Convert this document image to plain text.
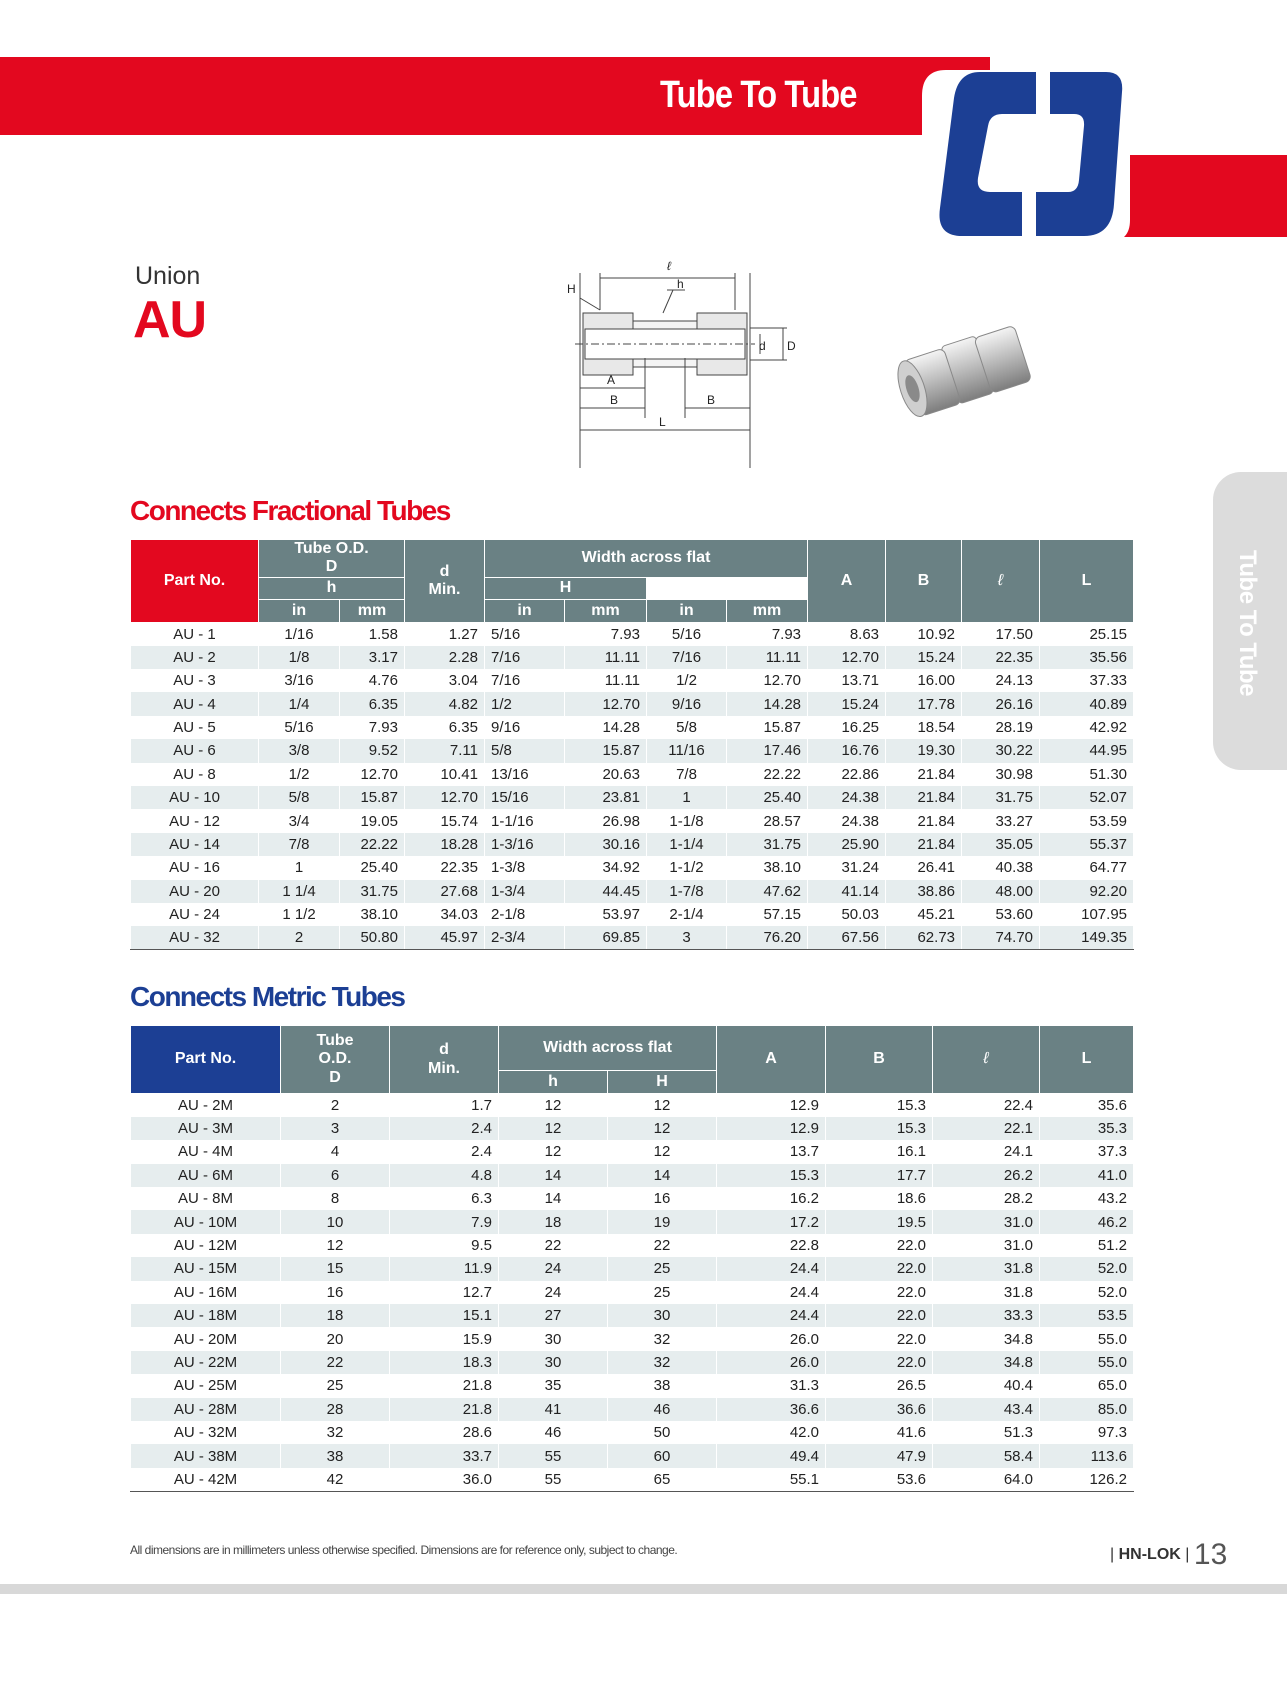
Tube To Tube
Tube To Tube
Union
AU
ℓ
H	h
d D
A
B	B
L
Connects Fractional Tubes
Part No.	Tube O.D.
D		d
Min.	Width across flat				A	B	ℓ	L
	h			H							
	in	mm		in	mm	in	mm				
AU - 1	1/16	1.58	1.27	5/16	7.93	5/16	7.93	8.63	10.92	17.50	25.15
AU - 2	1/8	3.17	2.28	7/16	11.11	7/16	11.11	12.70	15.24	22.35	35.56
AU - 3	3/16	4.76	3.04	7/16	11.11	1/2	12.70	13.71	16.00	24.13	37.33
AU - 4	1/4	6.35	4.82	1/2	12.70	9/16	14.28	15.24	17.78	26.16	40.89
AU - 5	5/16	7.93	6.35	9/16	14.28	5/8	15.87	16.25	18.54	28.19	42.92
AU - 6	3/8	9.52	7.11	5/8	15.87	11/16	17.46	16.76	19.30	30.22	44.95
AU - 8	1/2	12.70	10.41	13/16	20.63	7/8	22.22	22.86	21.84	30.98	51.30
AU - 10	5/8	15.87	12.70	15/16	23.81	1	25.40	24.38	21.84	31.75	52.07
AU - 12	3/4	19.05	15.74	1-1/16	26.98	1-1/8	28.57	24.38	21.84	33.27	53.59
AU - 14	7/8	22.22	18.28	1-3/16	30.16	1-1/4	31.75	25.90	21.84	35.05	55.37
AU - 16	1	25.40	22.35	1-3/8	34.92	1-1/2	38.10	31.24	26.41	40.38	64.77
AU - 20	1 1/4	31.75	27.68	1-3/4	44.45	1-7/8	47.62	41.14	38.86	48.00	92.20
AU - 24	1 1/2	38.10	34.03	2-1/8	53.97	2-1/4	57.15	50.03	45.21	53.60	107.95
AU - 32	2	50.80	45.97	2-3/4	69.85	3	76.20	67.56	62.73	74.70	149.35
Connects Metric Tubes
Part No.	Tube
O.D.
D	d
Min.	Width across flat		A	B	ℓ	L
			h	H				
AU - 2M	2	1.7	12	12	12.9	15.3	22.4	35.6
AU - 3M	3	2.4	12	12	12.9	15.3	22.1	35.3
AU - 4M	4	2.4	12	12	13.7	16.1	24.1	37.3
AU - 6M	6	4.8	14	14	15.3	17.7	26.2	41.0
AU - 8M	8	6.3	14	16	16.2	18.6	28.2	43.2
AU - 10M	10	7.9	18	19	17.2	19.5	31.0	46.2
AU - 12M	12	9.5	22	22	22.8	22.0	31.0	51.2
AU - 15M	15	11.9	24	25	24.4	22.0	31.8	52.0
AU - 16M	16	12.7	24	25	24.4	22.0	31.8	52.0
AU - 18M	18	15.1	27	30	24.4	22.0	33.3	53.5
AU - 20M	20	15.9	30	32	26.0	22.0	34.8	55.0
AU - 22M	22	18.3	30	32	26.0	22.0	34.8	55.0
AU - 25M	25	21.8	35	38	31.3	26.5	40.4	65.0
AU - 28M	28	21.8	41	46	36.6	36.6	43.4	85.0
AU - 32M	32	28.6	46	50	42.0	41.6	51.3	97.3
AU - 38M	38	33.7	55	60	49.4	47.9	58.4	113.6
AU - 42M	42	36.0	55	65	55.1	53.6	64.0	126.2
All dimensions are in millimeters unless otherwise specified. Dimensions are for reference only, subject to change.	| HN-LOK | 13
